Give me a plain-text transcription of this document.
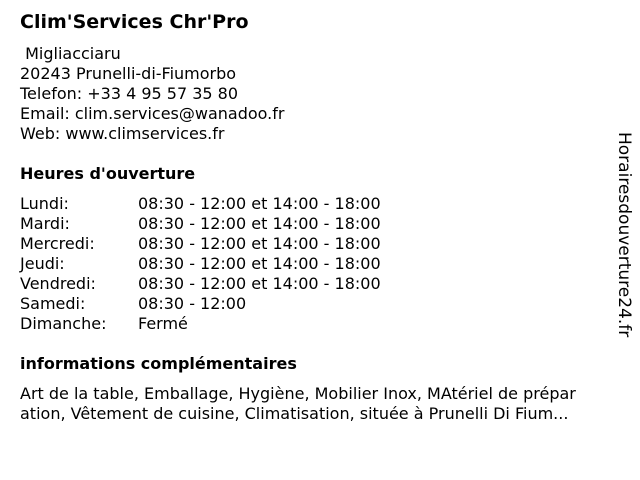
Clim'Services Chr'Pro
Migliacciaru
20243 Prunelli-di-Fiumorbo
Telefon: +33 4 95 57 35 80
Email: clim.services@wanadoo.fr
Web: www.climservices.fr
Heures d'ouverture
Lundi:	08:30 - 12:00 et 14:00 - 18:00
Mardi:	08:30 - 12:00 et 14:00 - 18:00
Mercredi:	08:30 - 12:00 et 14:00 - 18:00
Jeudi:	08:30 - 12:00 et 14:00 - 18:00
Vendredi:	08:30 - 12:00 et 14:00 - 18:00
Samedi:	08:30 - 12:00
Dimanche: Fermé
informations complémentaires
Art de la table, Emballage, Hygiène, Mobilier Inox, MAtériel de prépar
ation, Vêtement de cuisine, Climatisation, située à Prunelli Di Fium...
Horairesdouverture24.fr
